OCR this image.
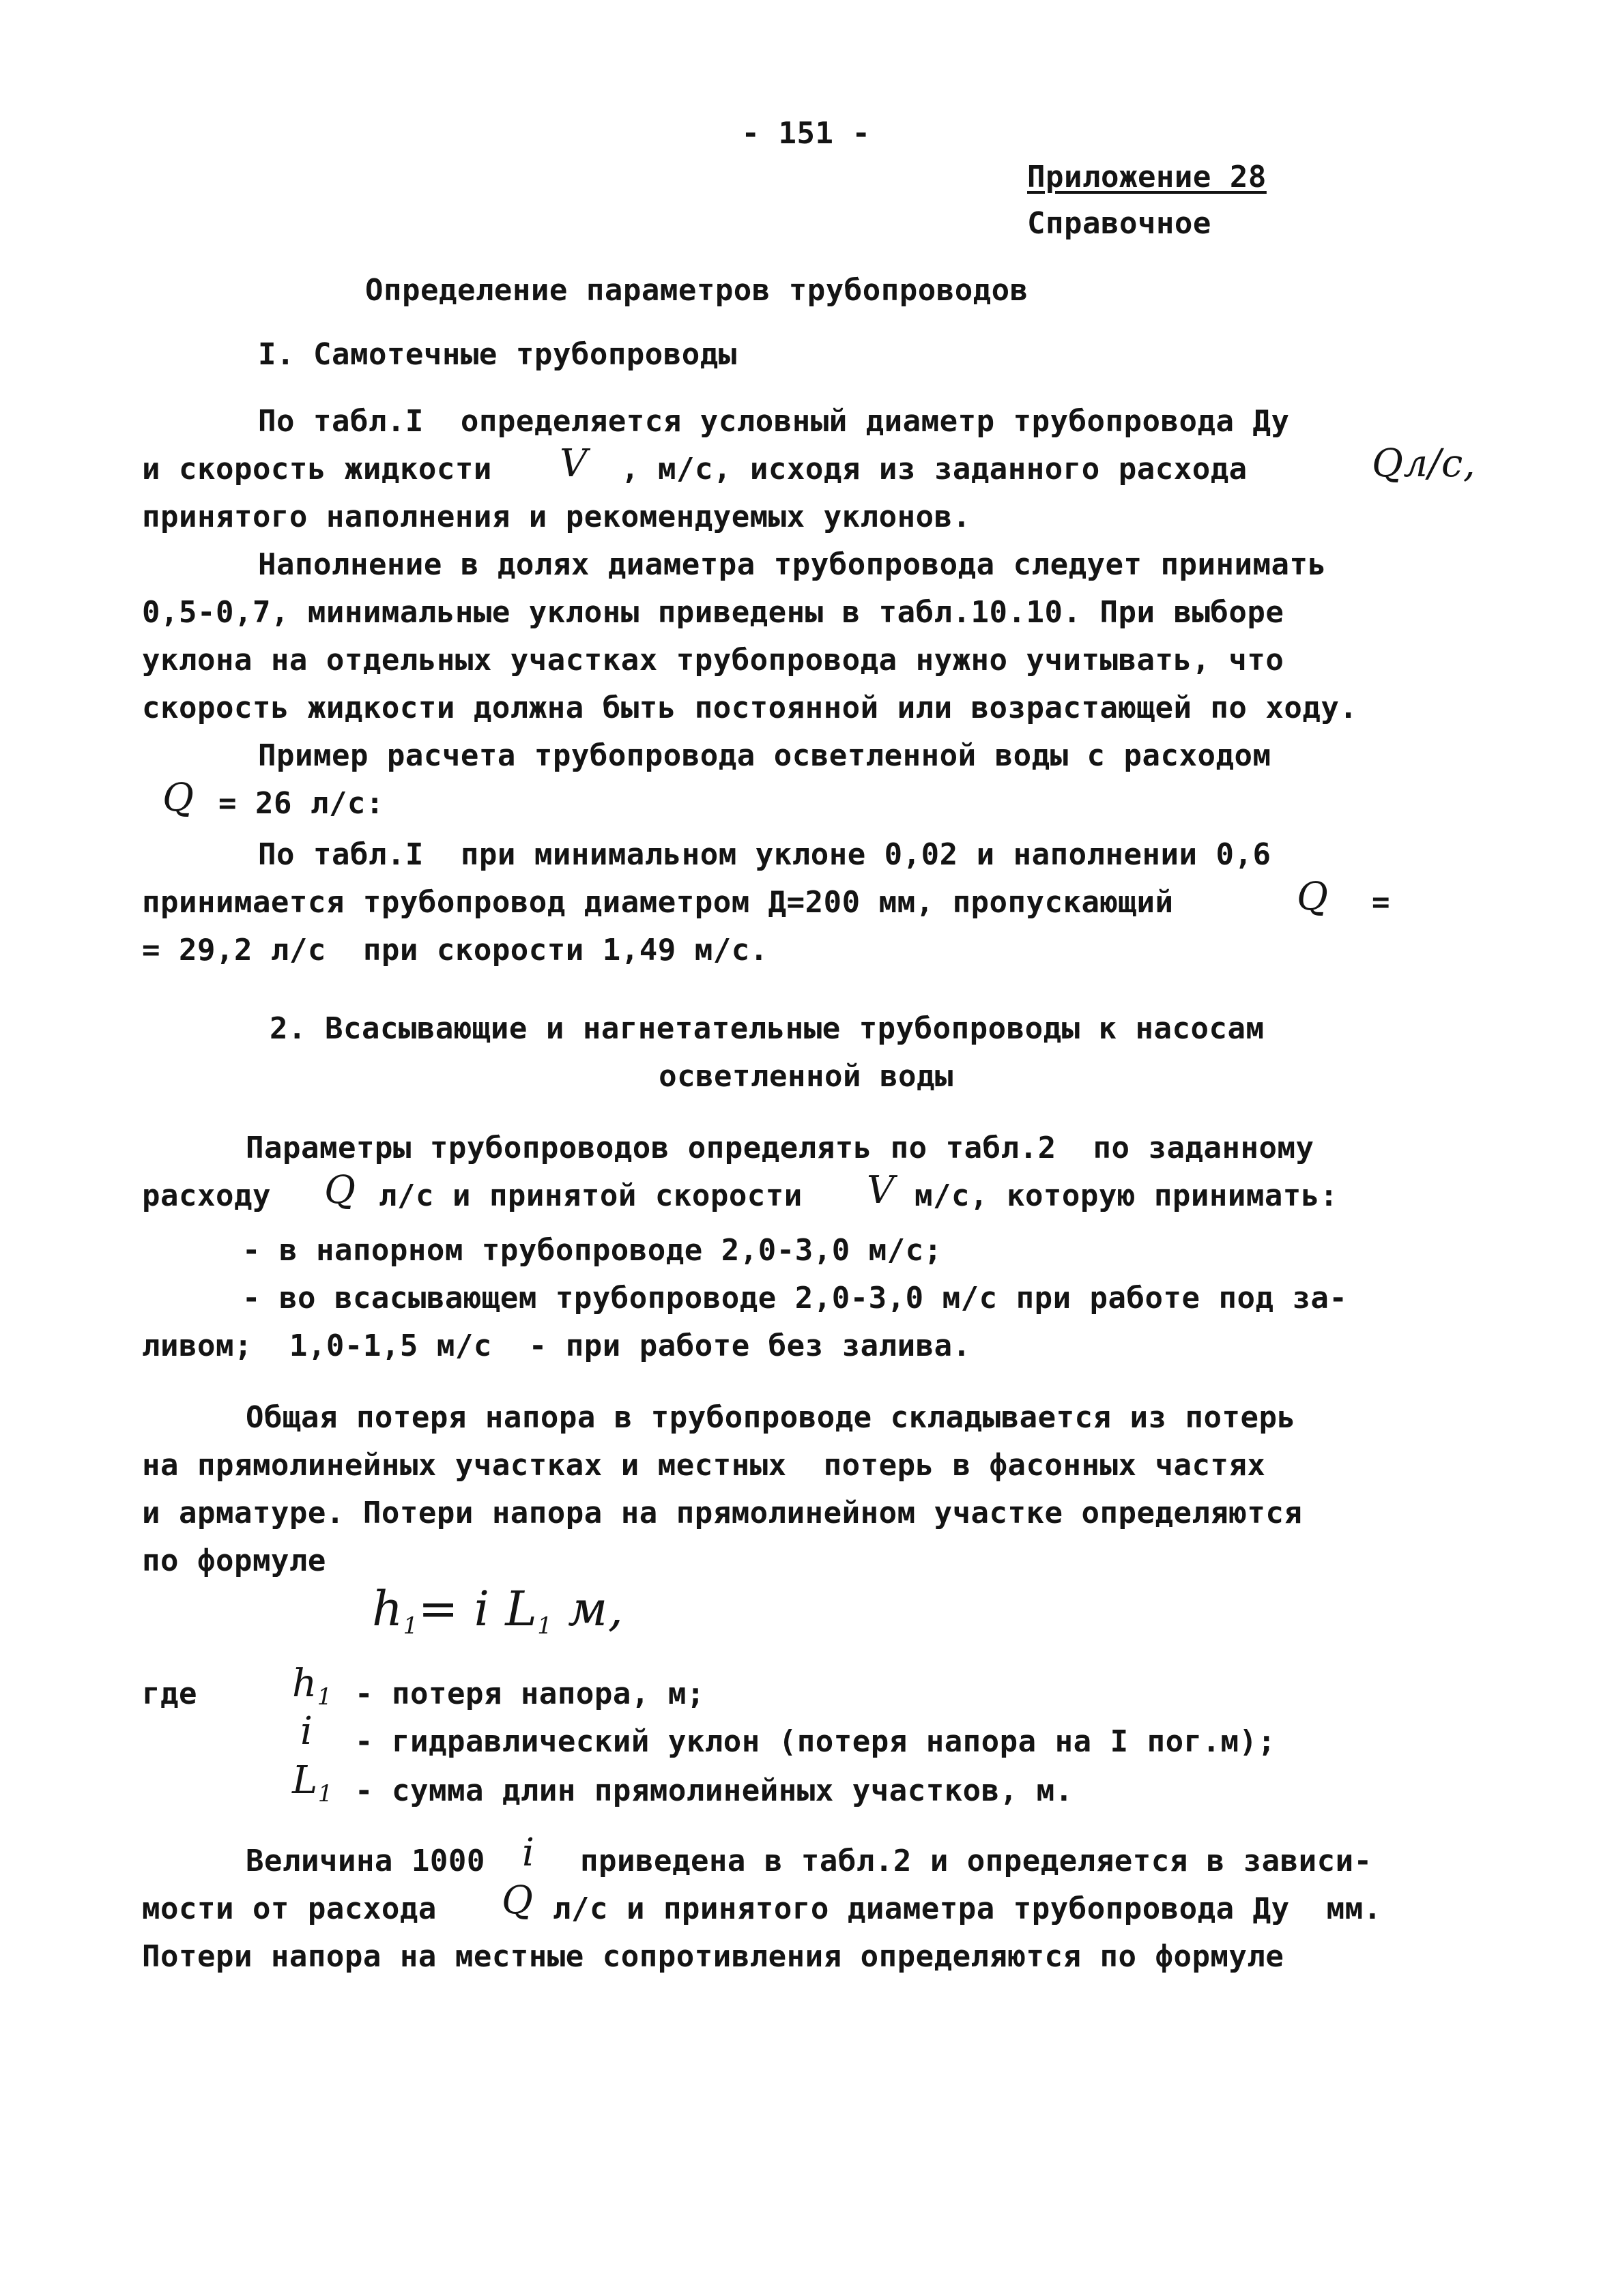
- 151 -
Приложение 28
Справочное
Определение параметров трубопроводов
I. Самотечные трубопроводы
По табл.I  определяется условный диаметр трубопровода Ду
и скорость жидкости V , м/с, исходя из заданного расхода	Qл/с,
принятого наполнения и рекомендуемых уклонов.
Наполнение в долях диаметра трубопровода следует принимать
0,5-0,7, минимальные уклоны приведены в табл.10.10. При выборе
уклона на отдельных участках трубопровода нужно учитывать, что
скорость жидкости должна быть постоянной или возрастающей по ходу.
Пример расчета трубопровода осветленной воды с расходом
Q = 26 л/с:
По табл.I  при минимальном уклоне 0,02 и наполнении 0,6
принимается трубопровод диаметром Д=200 мм, пропускающий	Q =
= 29,2 л/с  при скорости 1,49 м/с.
2. Всасывающие и нагнетательные трубопроводы к насосам
осветленной воды
Параметры трубопроводов определять по табл.2  по заданному
расходу Q л/с и принятой скорости V м/с, которую принимать:
- в напорном трубопроводе 2,0-3,0 м/с;
- во всасывающем трубопроводе 2,0-3,0 м/с при работе под за-
ливом;  1,0-1,5 м/с  - при работе без залива.
Общая потеря напора в трубопроводе складывается из потерь
на прямолинейных участках и местных  потерь в фасонных частях
и арматуре. Потери напора на прямолинейном участке определяются
по формуле
$h_1= i$ $L_1$ м,
где $h_1$ - потеря напора, м;
i - гидравлический уклон (потеря напора на I пог.м);
$L_1$ - сумма длин прямолинейных участков, м.
Величина 1000 i приведена в табл.2 и определяется в зависи-
мости от расхода Q л/с и принятого диаметра трубопровода Ду  мм.
Потери напора на местные сопротивления определяются по формуле
